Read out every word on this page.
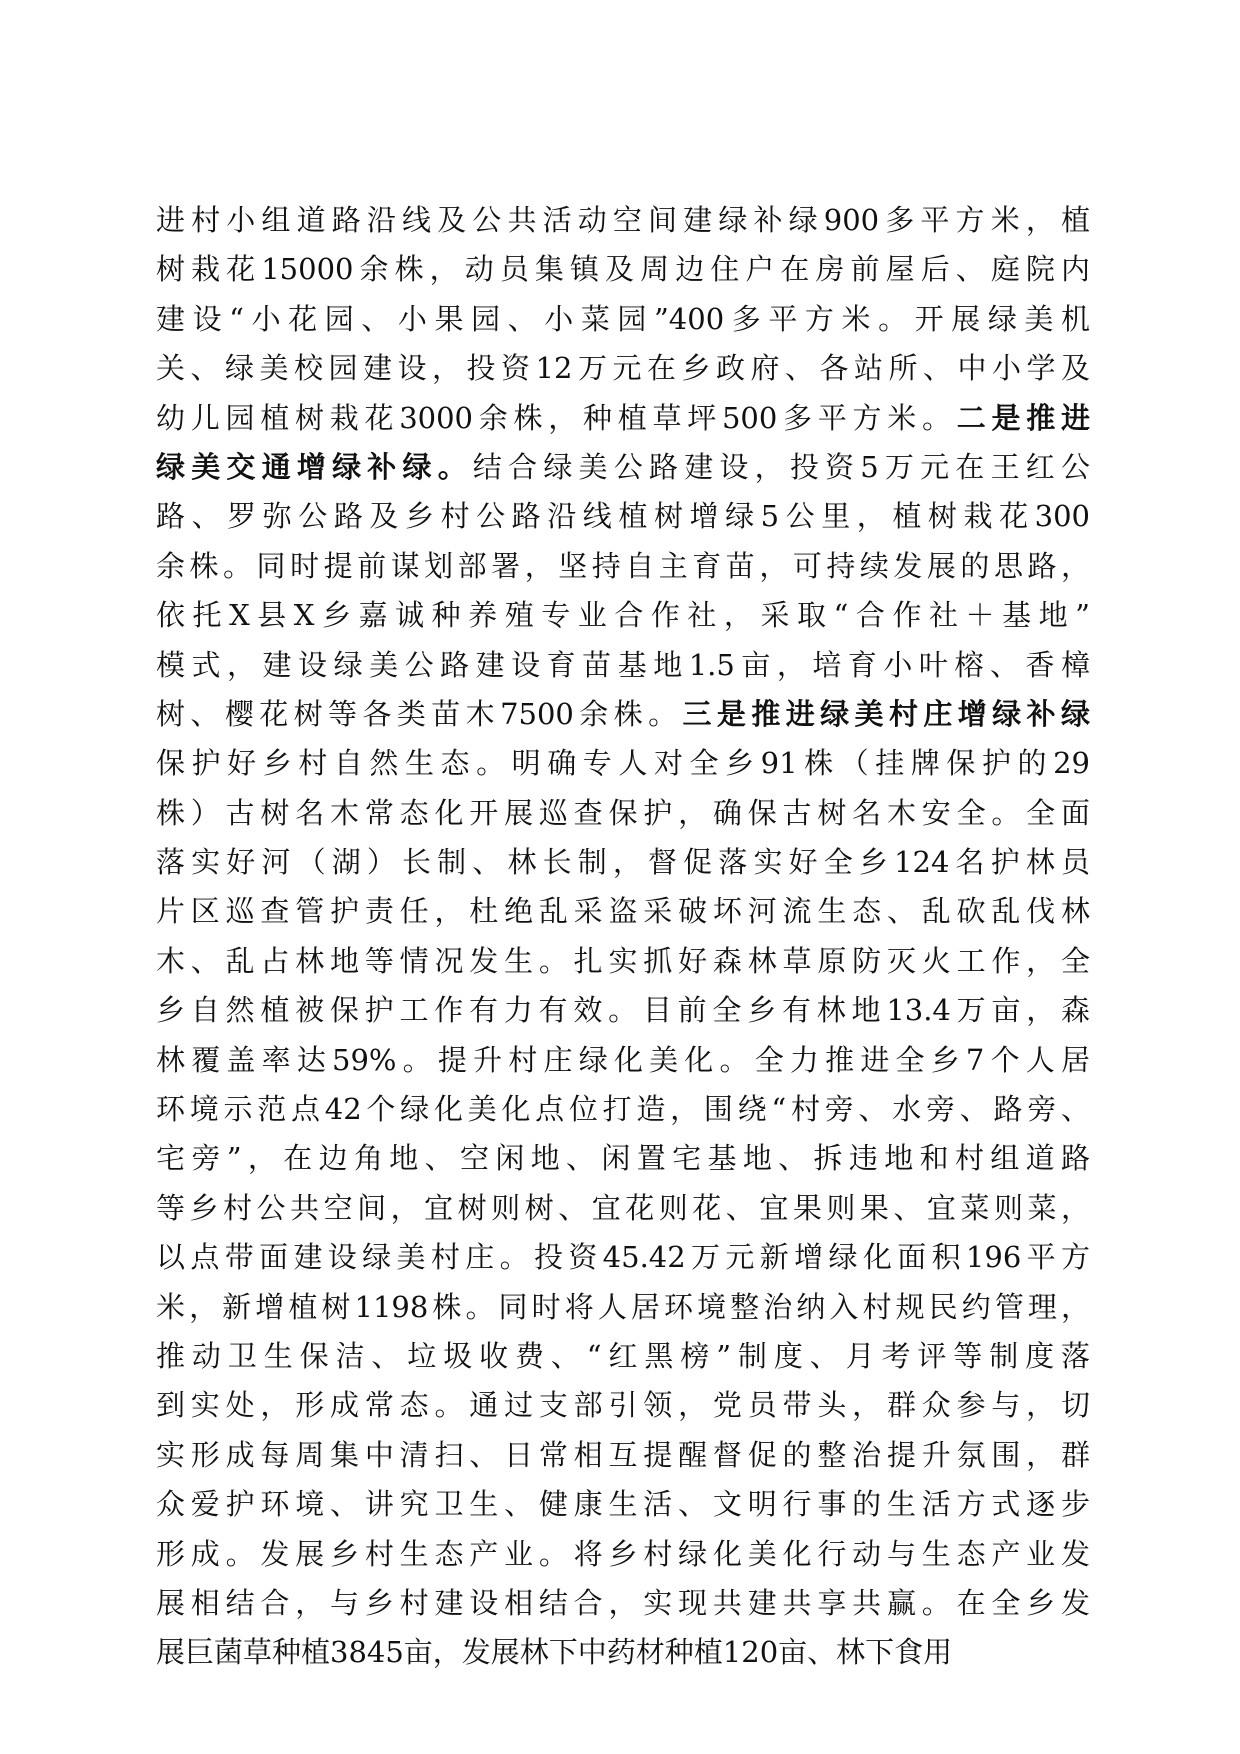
进村小组道路沿线及公共活动空间建绿补绿900多平方米，植
树栽花15000余株，动员集镇及周边住户在房前屋后、庭院内
建设“小花园、小果园、小菜园”400多平方米。开展绿美机
关、绿美校园建设，投资12万元在乡政府、各站所、中小学及
幼儿园植树栽花3000余株，种植草坪500多平方米。二是推进
绿美交通增绿补绿。结合绿美公路建设，投资5万元在王红公
路、罗弥公路及乡村公路沿线植树增绿5公里，植树栽花300
余株。同时提前谋划部署，坚持自主育苗，可持续发展的思路，
依托X县X乡嘉诚种养殖专业合作社，采取“合作社＋基地”
模式，建设绿美公路建设育苗基地1.5亩，培育小叶榕、香樟
树、樱花树等各类苗木7500余株。三是推进绿美村庄增绿补绿
保护好乡村自然生态。明确专人对全乡91株（挂牌保护的29
株）古树名木常态化开展巡查保护，确保古树名木安全。全面
落实好河（湖）长制、林长制，督促落实好全乡124名护林员
片区巡查管护责任，杜绝乱采盗采破坏河流生态、乱砍乱伐林
木、乱占林地等情况发生。扎实抓好森林草原防灭火工作，全
乡自然植被保护工作有力有效。目前全乡有林地13.4万亩，森
林覆盖率达59%。提升村庄绿化美化。全力推进全乡7个人居
环境示范点42个绿化美化点位打造，围绕“村旁、水旁、路旁、
宅旁”，在边角地、空闲地、闲置宅基地、拆违地和村组道路
等乡村公共空间，宜树则树、宜花则花、宜果则果、宜菜则菜，
以点带面建设绿美村庄。投资45.42万元新增绿化面积196平方
米，新增植树1198株。同时将人居环境整治纳入村规民约管理，
推动卫生保洁、垃圾收费、“红黑榜”制度、月考评等制度落
到实处，形成常态。通过支部引领，党员带头，群众参与，切
实形成每周集中清扫、日常相互提醒督促的整治提升氛围，群
众爱护环境、讲究卫生、健康生活、文明行事的生活方式逐步
形成。发展乡村生态产业。将乡村绿化美化行动与生态产业发
展相结合，与乡村建设相结合，实现共建共享共赢。在全乡发
展巨菌草种植3845亩，发展林下中药材种植120亩、林下食用
